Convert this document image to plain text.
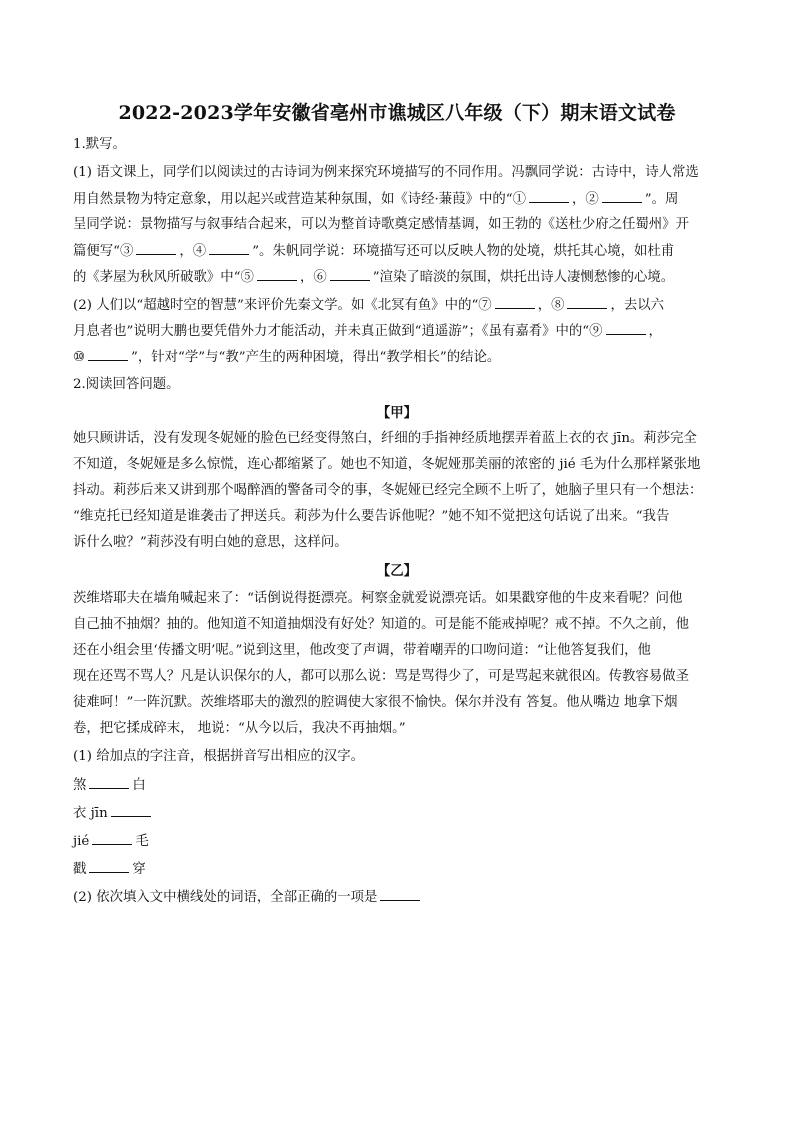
2022-2023学年安徽省亳州市谯城区八年级（下）期末语文试卷
1.默写。
(1) 语文课上，同学们以阅读过的古诗词为例来探究环境描写的不同作用。冯飘同学说：古诗中，诗人常选
用自然景物为特定意象，用以起兴或营造某种氛围，如《诗经·蒹葭》中的“①	，②	”。周
呈同学说：景物描写与叙事结合起来，可以为整首诗歌奠定感情基调，如王勃的《送杜少府之任蜀州》开
篇便写“③	，④	”。朱帆同学说：环境描写还可以反映人物的处境，烘托其心境，如杜甫
的《茅屋为秋风所破歌》中“⑤	，⑥	”渲染了暗淡的氛围，烘托出诗人凄恻愁惨的心境。
(2) 人们以“超越时空的智慧”来评价先秦文学。如《北冥有鱼》中的“⑦	，⑧	，去以六
月息者也”说明大鹏也要凭借外力才能活动，并未真正做到“逍遥游”；《虽有嘉肴》中的“⑨	，
⑩	”，针对“学”与“教”产生的两种困境，得出“教学相长”的结论。
2.阅读回答问题。
【甲】
她只顾讲话，没有发现冬妮娅的脸色已经变得煞白，纤细的手指神经质地摆弄着蓝上衣的衣 jīn。莉莎完全
不知道，冬妮娅是多么惊慌，连心都缩紧了。她也不知道，冬妮娅那美丽的浓密的 jié 毛为什么那样紧张地
抖动。莉莎后来又讲到那个喝醉酒的警备司令的事，冬妮娅已经完全顾不上听了，她脑子里只有一个想法：
“维克托已经知道是谁袭击了押送兵。莉莎为什么要告诉他呢？”她不知不觉把这句话说了出来。“我告
诉什么啦？”莉莎没有明白她的意思，这样问。
【乙】
茨维塔耶夫在墙角喊起来了：“话倒说得挺漂亮。柯察金就爱说漂亮话。如果戳穿他的牛皮来看呢？问他
自己抽不抽烟？抽的。他知道不知道抽烟没有好处？知道的。可是能不能戒掉呢？戒不掉。不久之前，他
还在小组会里‘传播文明’呢。”说到这里，他改变了声调，带着嘲弄的口吻问道：“让他答复我们，他
现在还骂不骂人？凡是认识保尔的人，都可以那么说：骂是骂得少了，可是骂起来就很凶。传教容易做圣
徒难呵！”一阵沉默。茨维塔耶夫的激烈的腔调使大家很不愉快。保尔并没有 答复。他从嘴边 地拿下烟
卷，把它揉成碎末， 地说：“从今以后，我决不再抽烟。”
(1) 给加点的字注音，根据拼音写出相应的汉字。
煞	白
衣 jīn
jié	毛
戳	穿
(2) 依次填入文中横线处的词语，全部正确的一项是
